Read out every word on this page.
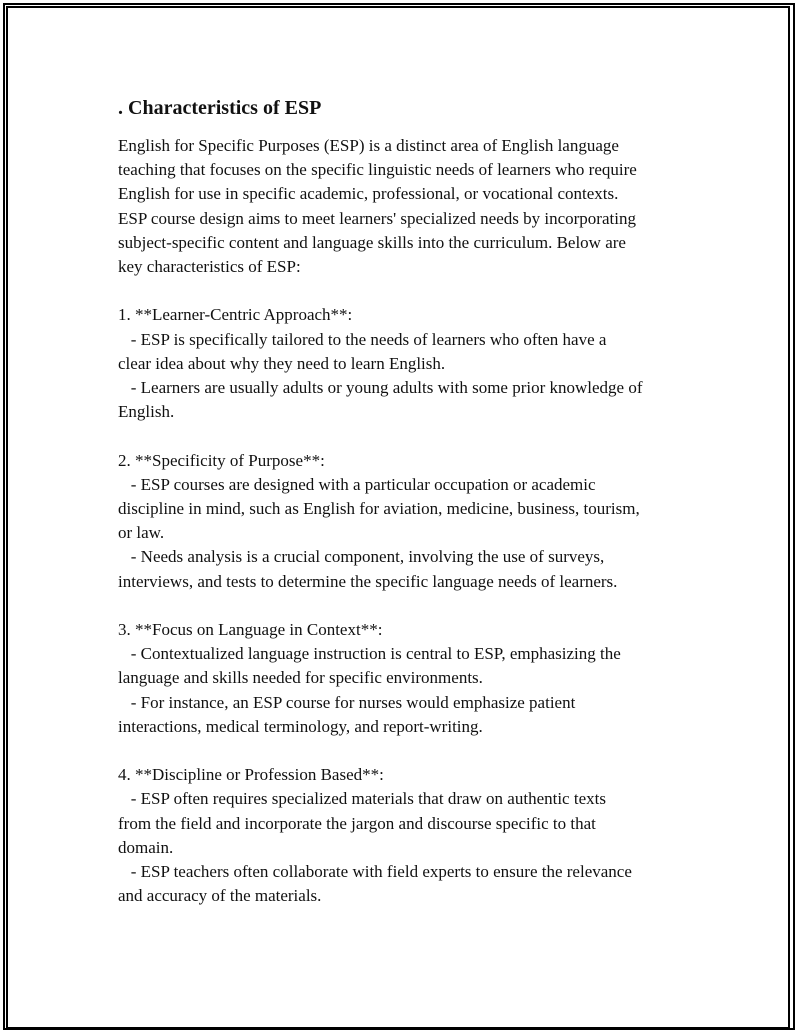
. Characteristics of ESP

English for Specific Purposes (ESP) is a distinct area of English language
teaching that focuses on the specific linguistic needs of learners who require
English for use in specific academic, professional, or vocational contexts.
ESP course design aims to meet learners' specialized needs by incorporating
subject-specific content and language skills into the curriculum. Below are
key characteristics of ESP:

1. **Learner-Centric Approach**:
- ESP is specifically tailored to the needs of learners who often have a
clear idea about why they need to learn English.
- Learners are usually adults or young adults with some prior knowledge of
English.

2. **Specificity of Purpose**:
- ESP courses are designed with a particular occupation or academic
discipline in mind, such as English for aviation, medicine, business, tourism,
or law.
- Needs analysis is a crucial component, involving the use of surveys,
interviews, and tests to determine the specific language needs of learners.

3. **Focus on Language in Context**:
- Contextualized language instruction is central to ESP, emphasizing the
language and skills needed for specific environments.
- For instance, an ESP course for nurses would emphasize patient
interactions, medical terminology, and report-writing.

4. **Discipline or Profession Based**:
- ESP often requires specialized materials that draw on authentic texts
from the field and incorporate the jargon and discourse specific to that
domain.
- ESP teachers often collaborate with field experts to ensure the relevance
and accuracy of the materials.
